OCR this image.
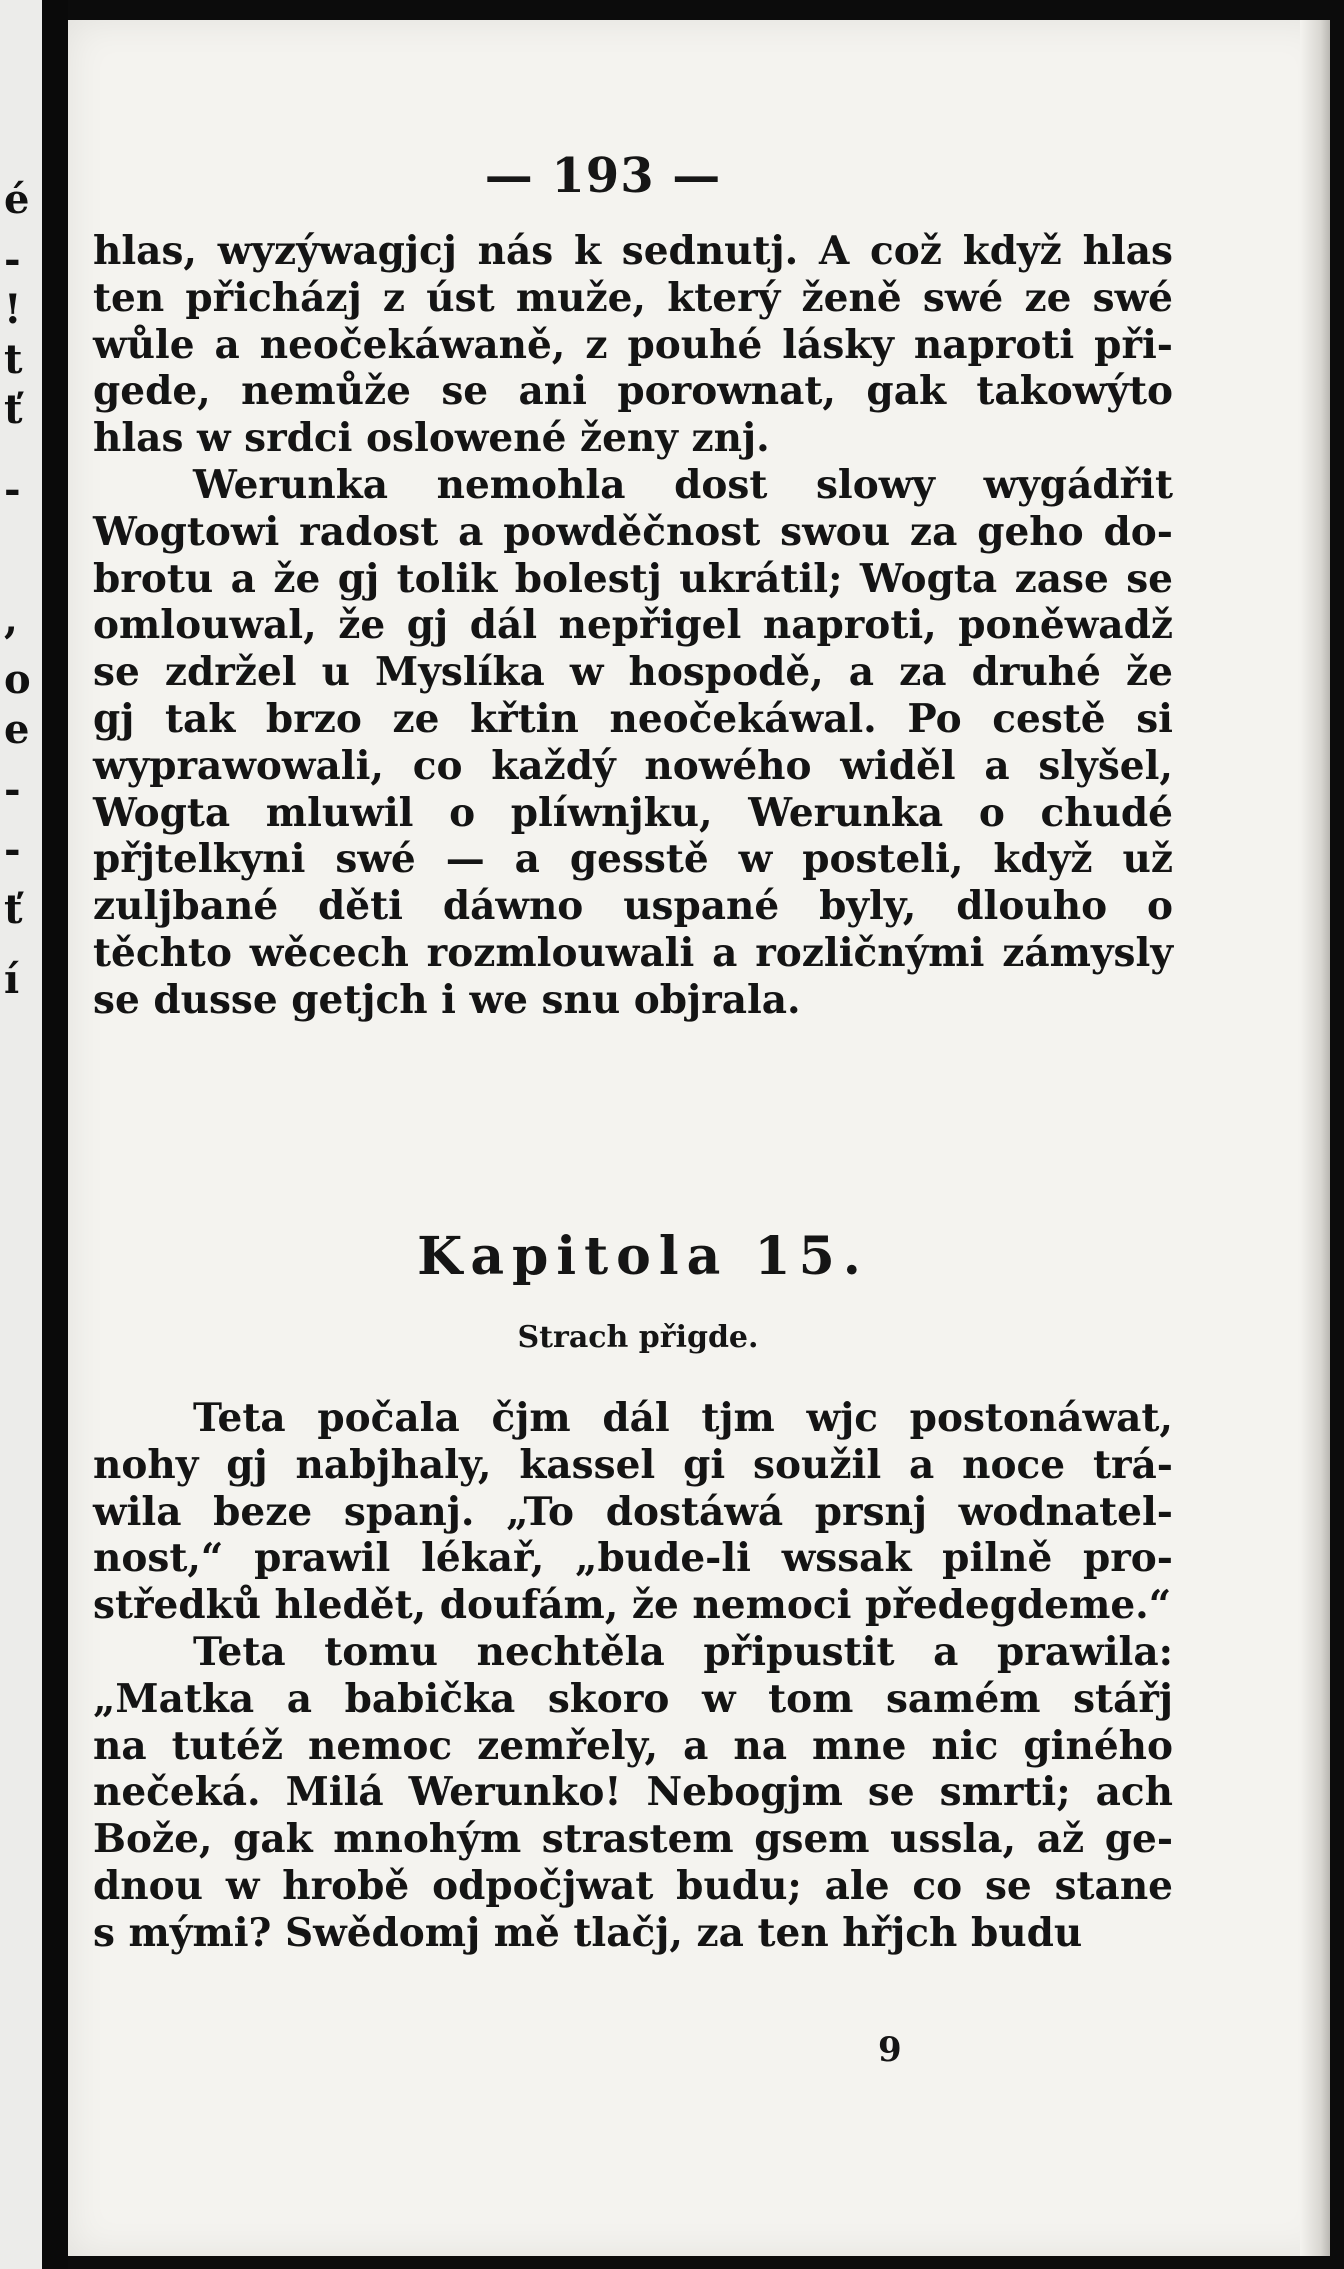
é
-
!
t
ť
-
,
o
e
-
-
ť
í
— 193 —
hlas, wyzýwagjcj nás k sednutj. A což když hlas
ten přicházj z úst muže, který ženě swé ze swé
wůle a neočekáwaně, z pouhé lásky naproti při-
gede, nemůže se ani porownat, gak takowýto
hlas w srdci oslowené ženy znj.
Werunka nemohla dost slowy wygádřit
Wogtowi radost a powděčnost swou za geho do-
brotu a že gj tolik bolestj ukrátil; Wogta zase se
omlouwal, že gj dál nepřigel naproti, poněwadž
se zdržel u Myslíka w hospodě, a za druhé že
gj tak brzo ze křtin neočekáwal. Po cestě si
wyprawowali, co každý nowého widěl a slyšel,
Wogta mluwil o plíwnjku, Werunka o chudé
přjtelkyni swé — a gesstě w posteli, když už
zuljbané děti dáwno uspané byly, dlouho o
těchto wěcech rozmlouwali a rozličnými zámysly
se dusse getjch i we snu objrala.
Kapitola 15.
Strach přigde.
Teta počala čjm dál tjm wjc postonáwat,
nohy gj nabjhaly, kassel gi soužil a noce trá-
wila beze spanj. „To dostáwá prsnj wodnatel-
nost,“ prawil lékař, „bude-li wssak pilně pro-
středků hledět, doufám, že nemoci předegdeme.“
Teta tomu nechtěla připustit a prawila:
„Matka a babička skoro w tom samém stářj
na tutéž nemoc zemřely, a na mne nic giného
nečeká. Milá Werunko! Nebogjm se smrti; ach
Bože, gak mnohým strastem gsem ussla, až ge-
dnou w hrobě odpočjwat budu; ale co se stane
s mými? Swědomj mě tlačj, za ten hřjch budu
9
